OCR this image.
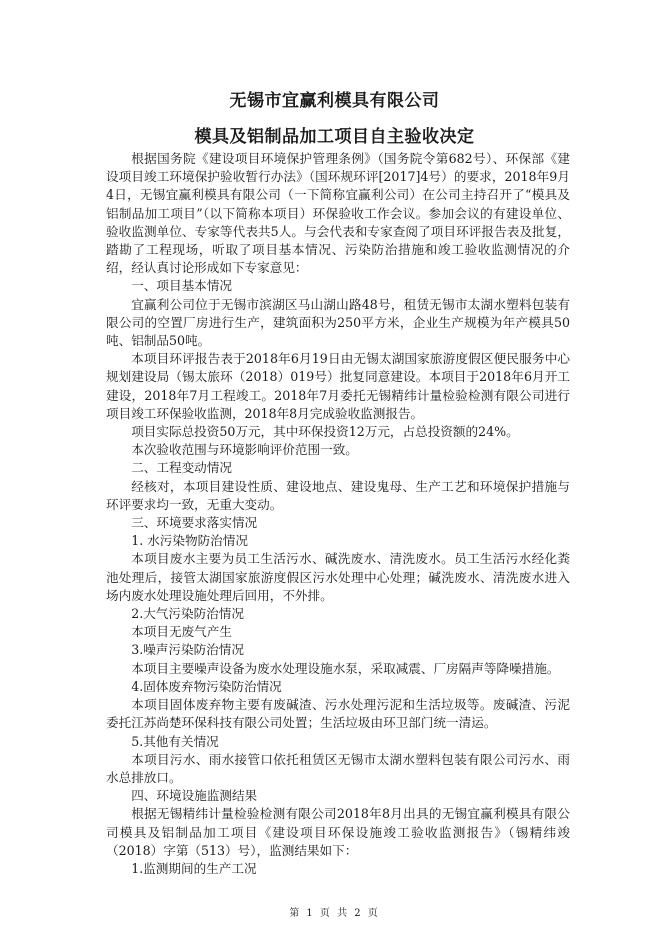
无锡市宜赢利模具有限公司
模具及铝制品加工项目自主验收决定

根据国务院《建设项目环境保护管理条例》（国务院令第682号）、环保部《建设项目竣工环境保护验收暂行办法》（国环规环评[2017]4号）的要求，2018年9月4日，无锡宜赢利模具有限公司（一下简称宜赢利公司）在公司主持召开了“模具及铝制品加工项目”（以下简称本项目）环保验收工作会议。参加会议的有建设单位、验收监测单位、专家等代表共5人。与会代表和专家查阅了项目环评报告表及批复，踏勘了工程现场，听取了项目基本情况、污染防治措施和竣工验收监测情况的介绍，经认真讨论形成如下专家意见：

一、项目基本情况

宜赢利公司位于无锡市滨湖区马山湖山路48号，租赁无锡市太湖水塑料包装有限公司的空置厂房进行生产，建筑面积为250平方米，企业生产规模为年产模具50吨、铝制品50吨。

本项目环评报告表于2018年6月19日由无锡太湖国家旅游度假区便民服务中心规划建设局（锡太旅环（2018）019号）批复同意建设。本项目于2018年6月开工建设，2018年7月工程竣工。2018年7月委托无锡精纬计量检验检测有限公司进行项目竣工环保验收监测，2018年8月完成验收监测报告。

项目实际总投资50万元，其中环保投资12万元，占总投资额的24%。

本次验收范围与环境影响评价范围一致。

二、工程变动情况

经核对，本项目建设性质、建设地点、建设鬼母、生产工艺和环境保护措施与环评要求均一致，无重大变动。

三、环境要求落实情况

1. 水污染物防治情况

本项目废水主要为员工生活污水、碱洗废水、清洗废水。员工生活污水经化粪池处理后，接管太湖国家旅游度假区污水处理中心处理；碱洗废水、清洗废水进入场内废水处理设施处理后回用，不外排。

2.大气污染防治情况

本项目无废气产生

3.噪声污染防治情况

本项目主要噪声设备为废水处理设施水泵，采取减震、厂房隔声等降噪措施。

4.固体废弃物污染防治情况

本项目固体废弃物主要有废碱渣、污水处理污泥和生活垃圾等。废碱渣、污泥委托江苏尚楚环保科技有限公司处置；生活垃圾由环卫部门统一清运。

5.其他有关情况

本项目污水、雨水接管口依托租赁区无锡市太湖水塑料包装有限公司污水、雨水总排放口。

四、环境设施监测结果

根据无锡精纬计量检验检测有限公司2018年8月出具的无锡宜赢利模具有限公司模具及铝制品加工项目《建设项目环保设施竣工验收监测报告》（锡精纬竣（2018）字第（513）号），监测结果如下：

1.监测期间的生产工况

第 1 页 共 2 页
